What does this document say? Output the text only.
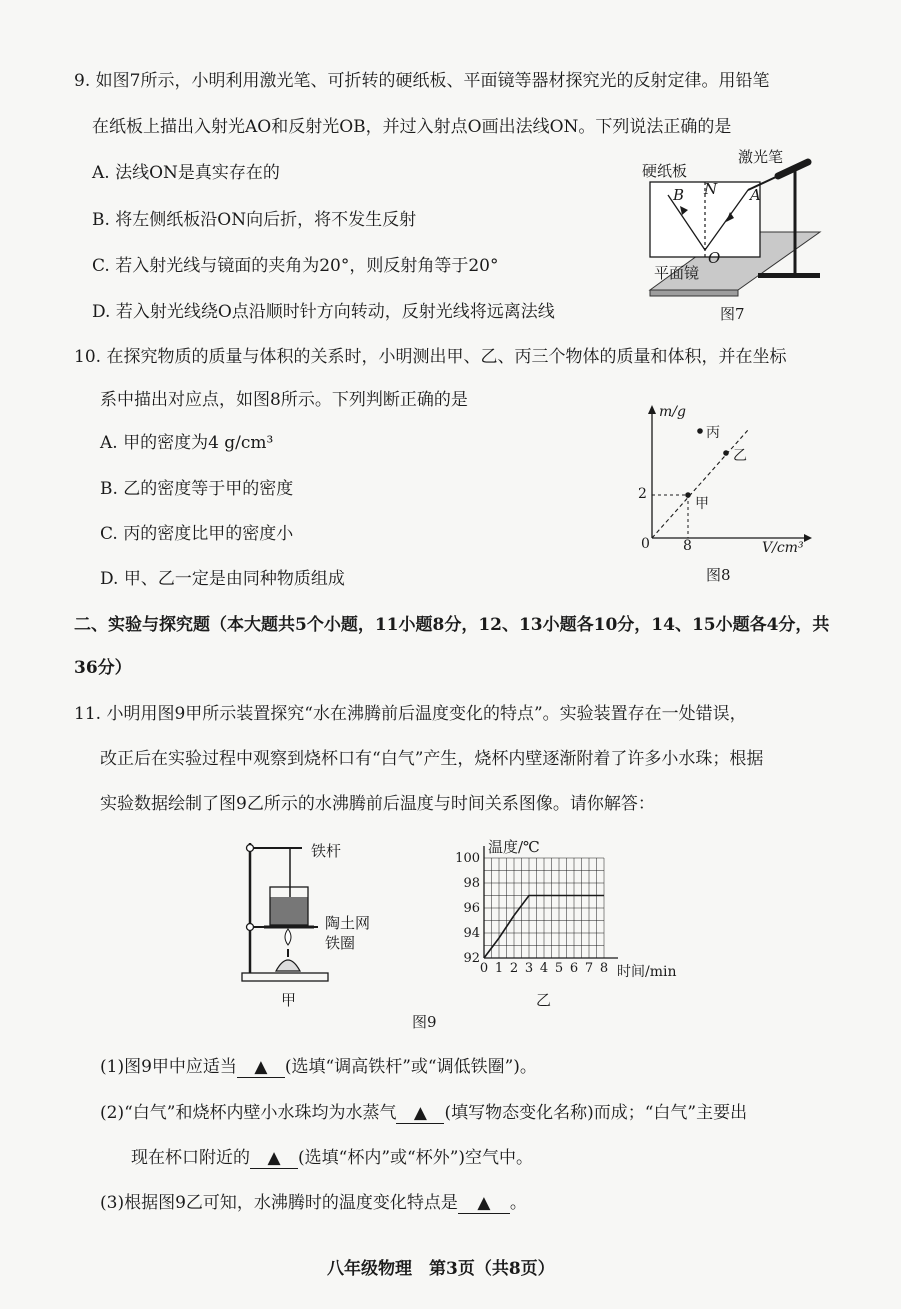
9. 如图7所示，小明利用激光笔、可折转的硬纸板、平面镜等器材探究光的反射定律。用铅笔
在纸板上描出入射光AO和反射光OB，并过入射点O画出法线ON。下列说法正确的是
A. 法线ON是真实存在的
B. 将左侧纸板沿ON向后折，将不发生反射
C. 若入射光线与镜面的夹角为20°，则反射角等于20°
D. 若入射光线绕O点沿顺时针方向转动，反射光线将远离法线
硬纸板
激光笔
平面镜
B N A
O
图7
10. 在探究物质的质量与体积的关系时，小明测出甲、乙、丙三个物体的质量和体积，并在坐标
系中描出对应点，如图8所示。下列判断正确的是
A. 甲的密度为4 g/cm³
B. 乙的密度等于甲的密度
C. 丙的密度比甲的密度小
D. 甲、乙一定是由同种物质组成
m/g
V/cm³
0 8
2
丙
乙
甲
图8
二、实验与探究题（本大题共5个小题，11小题8分，12、13小题各10分，14、15小题各4分，共
36分）
11. 小明用图9甲所示装置探究“水在沸腾前后温度变化的特点”。实验装置存在一处错误，
改正后在实验过程中观察到烧杯口有“白气”产生，烧杯内壁逐渐附着了许多小水珠；根据
实验数据绘制了图9乙所示的水沸腾前后温度与时间关系图像。请你解答：
铁杆
陶土网
铁圈
甲
0 1 2 3 4 5 6 7 8
92
94
96
98
100
温度/℃
时间/min
乙
图9
(1)图9甲中应适当 ▲ (选填“调高铁杆”或“调低铁圈”)。
(2)“白气”和烧杯内壁小水珠均为水蒸气 ▲ (填写物态变化名称)而成；“白气”主要出
现在杯口附近的 ▲ (选填“杯内”或“杯外”)空气中。
(3)根据图9乙可知，水沸腾时的温度变化特点是 ▲ 。
八年级物理　第3页（共8页）
